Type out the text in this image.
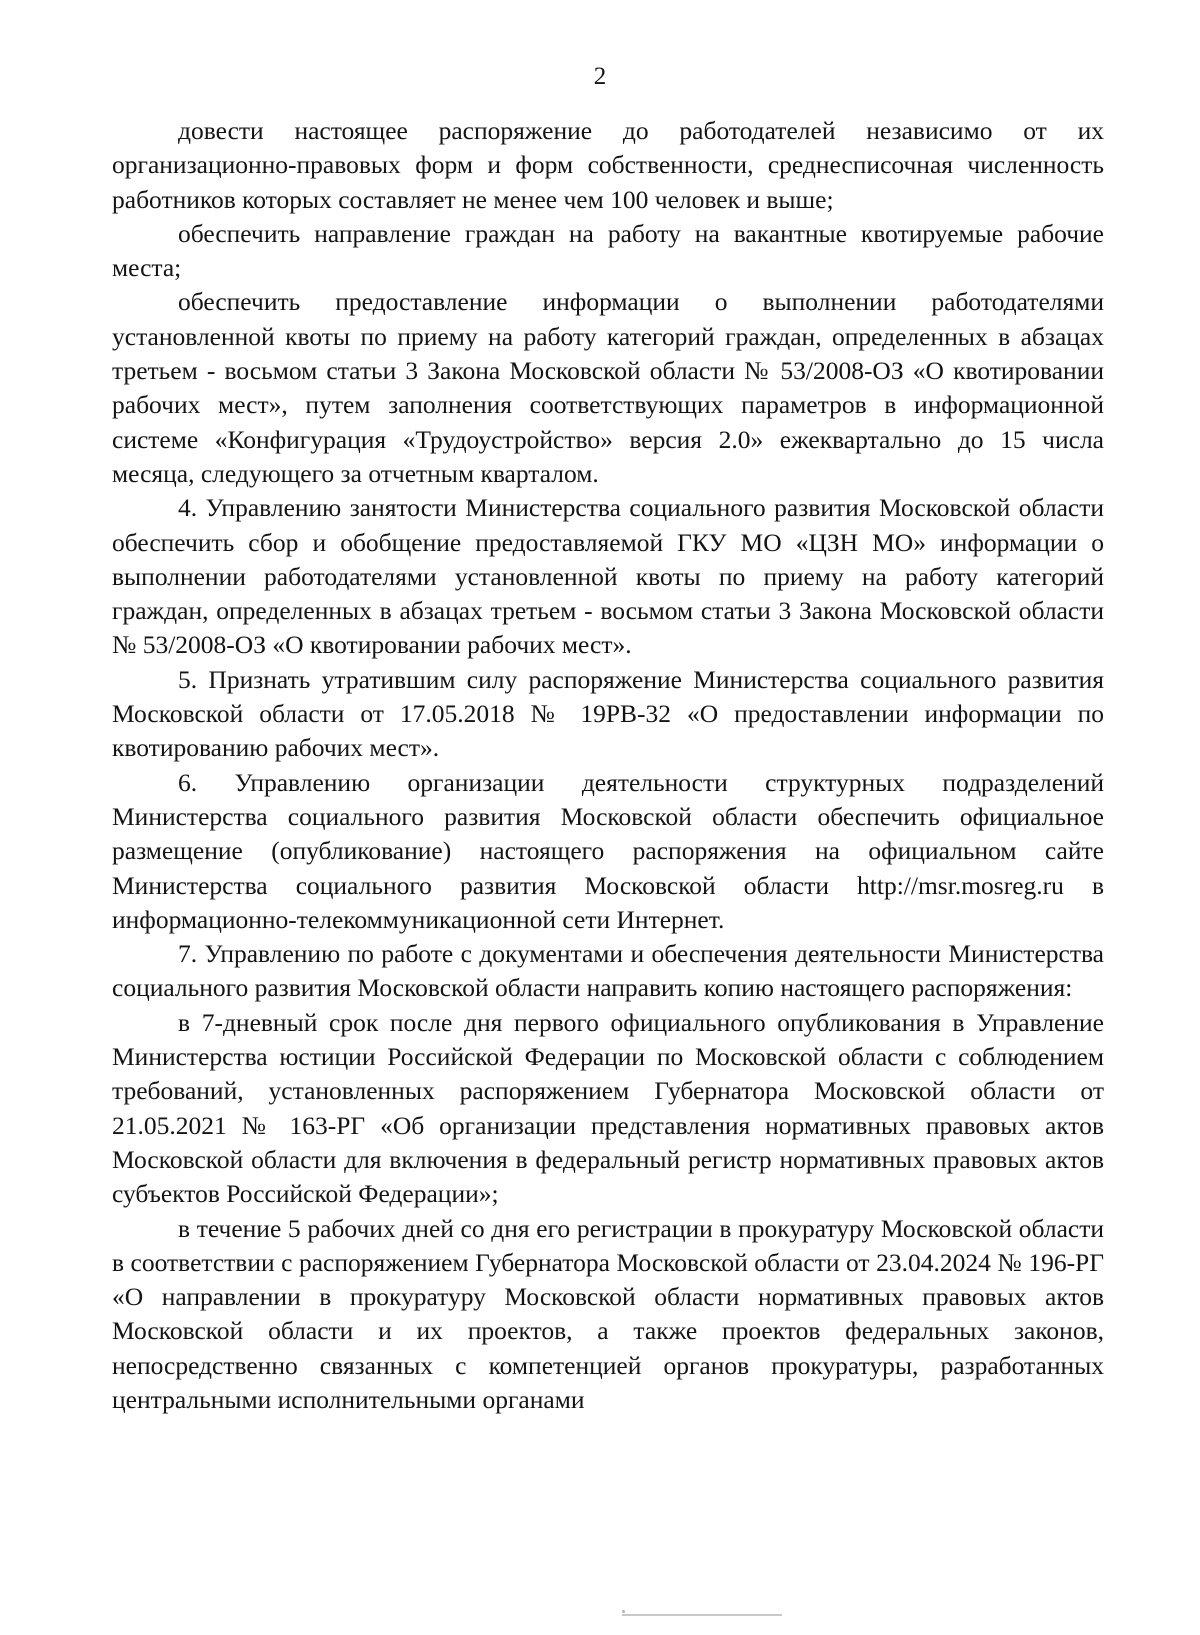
2

довести настоящее распоряжение до работодателей независимо от их организационно-правовых форм и форм собственности, среднесписочная численность работников которых составляет не менее чем 100 человек и выше;

обеспечить направление граждан на работу на вакантные квотируемые рабочие места;

обеспечить предоставление информации о выполнении работодателями установленной квоты по приему на работу категорий граждан, определенных в абзацах третьем - восьмом статьи 3 Закона Московской области № 53/2008-ОЗ «О квотировании рабочих мест», путем заполнения соответствующих параметров в информационной системе «Конфигурация «Трудоустройство» версия 2.0» ежеквартально до 15 числа месяца, следующего за отчетным кварталом.

4. Управлению занятости Министерства социального развития Московской области обеспечить сбор и обобщение предоставляемой ГКУ МО «ЦЗН МО» информации о выполнении работодателями установленной квоты по приему на работу категорий граждан, определенных в абзацах третьем - восьмом статьи 3 Закона Московской области № 53/2008-ОЗ «О квотировании рабочих мест».

5. Признать утратившим силу распоряжение Министерства социального развития Московской области от 17.05.2018 № 19РВ-32 «О предоставлении информации по квотированию рабочих мест».

6. Управлению организации деятельности структурных подразделений Министерства социального развития Московской области обеспечить официальное размещение (опубликование) настоящего распоряжения на официальном сайте Министерства социального развития Московской области http://msr.mosreg.ru в информационно-телекоммуникационной сети Интернет.

7. Управлению по работе с документами и обеспечения деятельности Министерства социального развития Московской области направить копию настоящего распоряжения:

в 7-дневный срок после дня первого официального опубликования в Управление Министерства юстиции Российской Федерации по Московской области с соблюдением требований, установленных распоряжением Губернатора Московской области от 21.05.2021 № 163-РГ «Об организации представления нормативных правовых актов Московской области для включения в федеральный регистр нормативных правовых актов субъектов Российской Федерации»;

в течение 5 рабочих дней со дня его регистрации в прокуратуру Московской области в соответствии с распоряжением Губернатора Московской области от 23.04.2024 № 196-РГ «О направлении в прокуратуру Московской области нормативных правовых актов Московской области и их проектов, а также проектов федеральных законов, непосредственно связанных с компетенцией органов прокуратуры, разработанных центральными исполнительными органами
